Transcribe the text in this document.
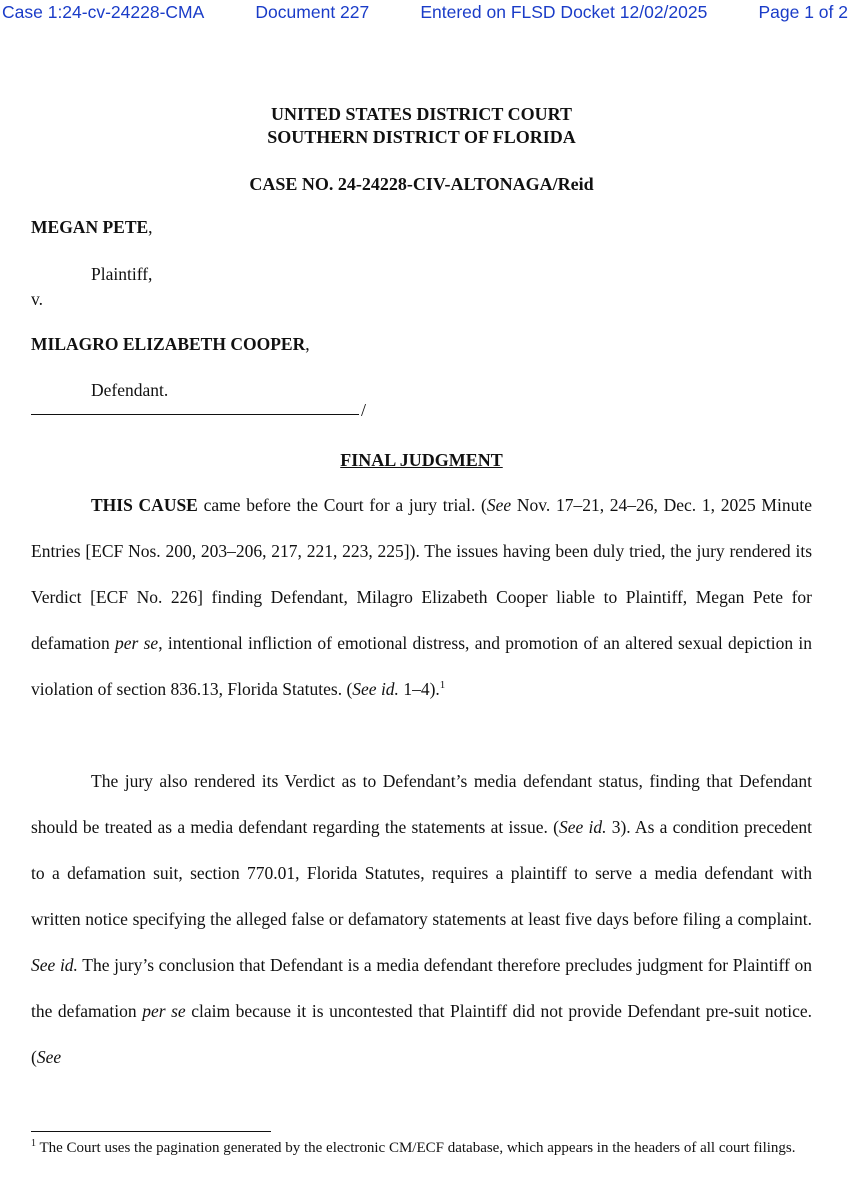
Case 1:24-cv-24228-CMA	Document 227	Entered on FLSD Docket 12/02/2025	Page 1 of 2
UNITED STATES DISTRICT COURT
SOUTHERN DISTRICT OF FLORIDA
CASE NO. 24-24228-CIV-ALTONAGA/Reid
MEGAN PETE,
Plaintiff,
v.
MILAGRO ELIZABETH COOPER,
Defendant.
/
FINAL JUDGMENT
THIS CAUSE came before the Court for a jury trial. (See Nov. 17–21, 24–26, Dec. 1, 2025 Minute Entries [ECF Nos. 200, 203–206, 217, 221, 223, 225]). The issues having been duly tried, the jury rendered its Verdict [ECF No. 226] finding Defendant, Milagro Elizabeth Cooper liable to Plaintiff, Megan Pete for defamation per se, intentional infliction of emotional distress, and promotion of an altered sexual depiction in violation of section 836.13, Florida Statutes. (See id. 1–4).$^1$
The jury also rendered its Verdict as to Defendant’s media defendant status, finding that Defendant should be treated as a media defendant regarding the statements at issue. (See id. 3). As a condition precedent to a defamation suit, section 770.01, Florida Statutes, requires a plaintiff to serve a media defendant with written notice specifying the alleged false or defamatory statements at least five days before filing a complaint. See id. The jury’s conclusion that Defendant is a media defendant therefore precludes judgment for Plaintiff on the defamation per se claim because it is uncontested that Plaintiff did not provide Defendant pre-suit notice. (See
$^1$ The Court uses the pagination generated by the electronic CM/ECF database, which appears in the headers of all court filings.
